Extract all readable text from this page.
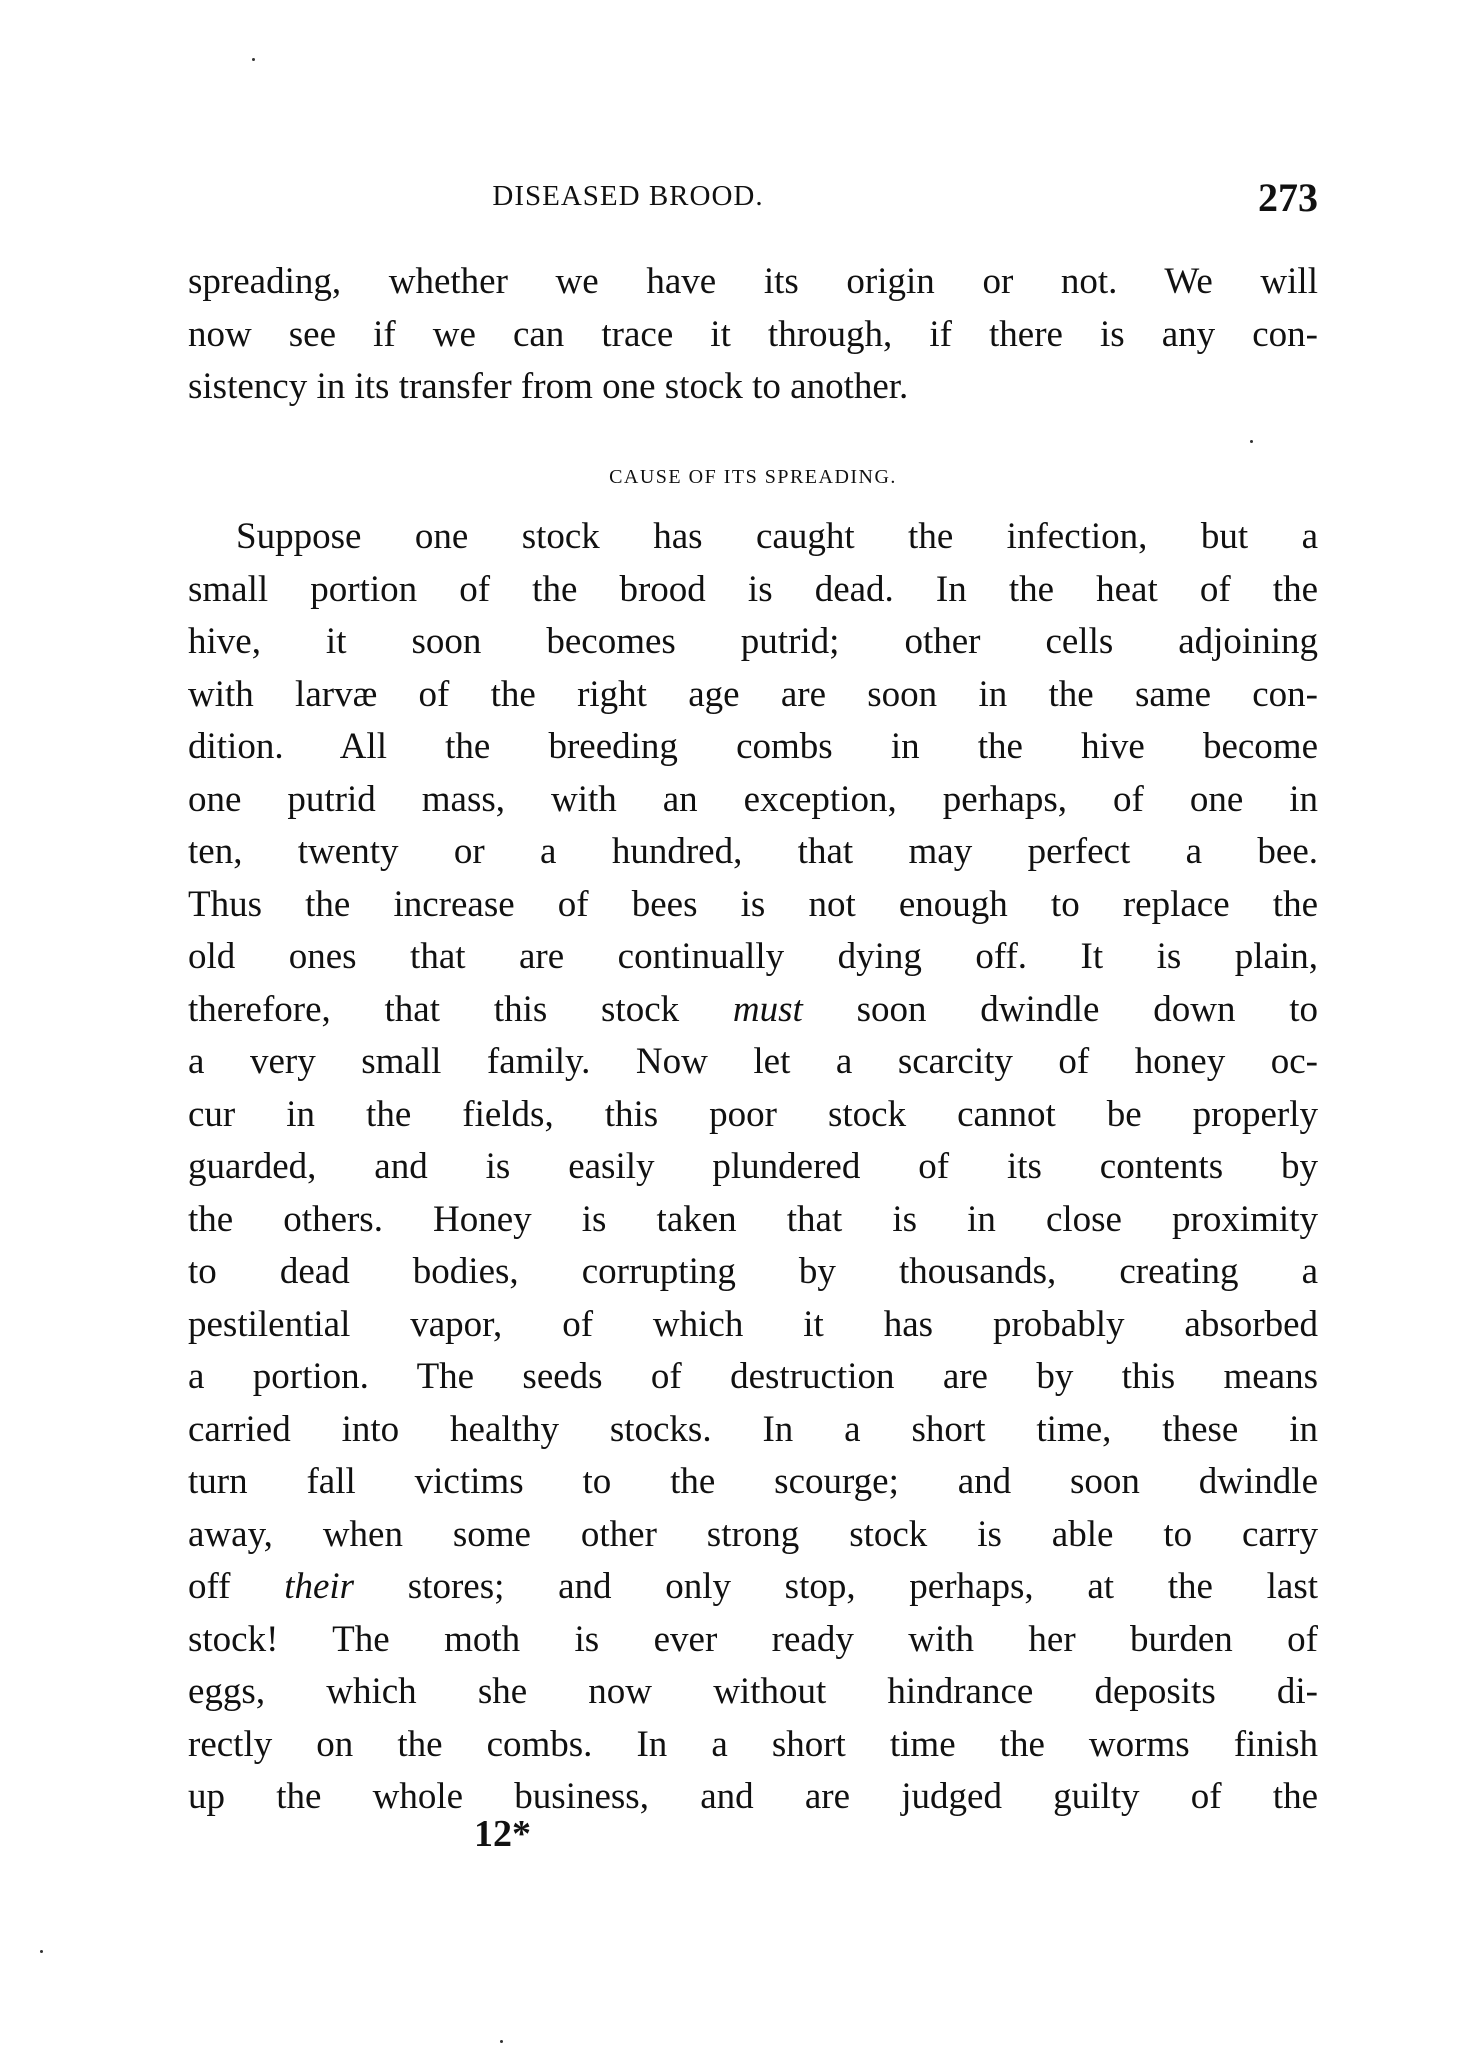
DISEASED BROOD.	273
spreading, whether we have its origin or not. We will
now see if we can trace it through, if there is any con-
sistency in its transfer from one stock to another.
CAUSE OF ITS SPREADING.
Suppose one stock has caught the infection, but a
small portion of the brood is dead. In the heat of the
hive, it soon becomes putrid; other cells adjoining
with larvæ of the right age are soon in the same con-
dition. All the breeding combs in the hive become
one putrid mass, with an exception, perhaps, of one in
ten, twenty or a hundred, that may perfect a bee.
Thus the increase of bees is not enough to replace the
old ones that are continually dying off. It is plain,
therefore, that this stock must soon dwindle down to
a very small family. Now let a scarcity of honey oc-
cur in the fields, this poor stock cannot be properly
guarded, and is easily plundered of its contents by
the others. Honey is taken that is in close proximity
to dead bodies, corrupting by thousands, creating a
pestilential vapor, of which it has probably absorbed
a portion. The seeds of destruction are by this means
carried into healthy stocks. In a short time, these in
turn fall victims to the scourge; and soon dwindle
away, when some other strong stock is able to carry
off their stores; and only stop, perhaps, at the last
stock! The moth is ever ready with her burden of
eggs, which she now without hindrance deposits di-
rectly on the combs. In a short time the worms finish
up the whole business, and are judged guilty of the
12*
